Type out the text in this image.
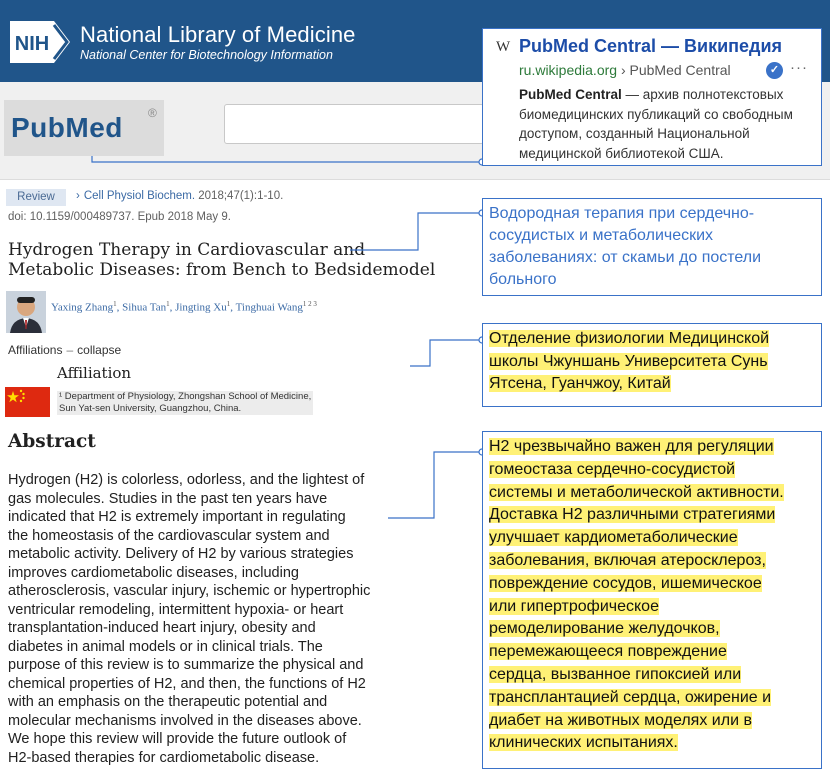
NIH National Library of Medicine
National Center for Biotechnology Information
PubMed ®
Review	› Cell Physiol Biochem. 2018;47(1):1-10.
doi: 10.1159/000489737. Epub 2018 May 9.
Hydrogen Therapy in Cardiovascular and
Metabolic Diseases: from Bench to Bedsidemodel
Yaxing Zhang$^1$, Sihua Tan$^1$, Jingting Xu$^1$, Tinghuai Wang$^{1 2 3}$
Affiliations – collapse
Affiliation
¹ Department of Physiology, Zhongshan School of Medicine,
Sun Yat-sen University, Guangzhou, China.
Abstract
Hydrogen (H2) is colorless, odorless, and the lightest of
gas molecules. Studies in the past ten years have
indicated that H2 is extremely important in regulating
the homeostasis of the cardiovascular system and
metabolic activity. Delivery of H2 by various strategies
improves cardiometabolic diseases, including
atherosclerosis, vascular injury, ischemic or hypertrophic
ventricular remodeling, intermittent hypoxia- or heart
transplantation-induced heart injury, obesity and
diabetes in animal models or in clinical trials. The
purpose of this review is to summarize the physical and
chemical properties of H2, and then, the functions of H2
with an emphasis on the therapeutic potential and
molecular mechanisms involved in the diseases above.
We hope this review will provide the future outlook of
H2-based therapies for cardiometabolic disease.
W PubMed Central — Википедия
ru.wikipedia.org › PubMed Central	✓ ···
PubMed Central — архив полнотекстовых биомедицинских публикаций со свободным доступом, созданный Национальной медицинской библиотекой США.
Водородная терапия при сердечно-сосудистых и метаболических заболеваниях: от скамьи до постели больного
Отделение физиологии Медицинской
школы Чжуншань Университета Сунь
Ятсена, Гуанчжоу, Китай
H2 чрезвычайно важен для регуляции
гомеостаза сердечно-сосудистой
системы и метаболической активности.
Доставка H2 различными стратегиями
улучшает кардиометаболические
заболевания, включая атеросклероз,
повреждение сосудов, ишемическое
или гипертрофическое
ремоделирование желудочков,
перемежающееся повреждение
сердца, вызванное гипоксией или
трансплантацией сердца, ожирение и
диабет на животных моделях или в
клинических испытаниях.
